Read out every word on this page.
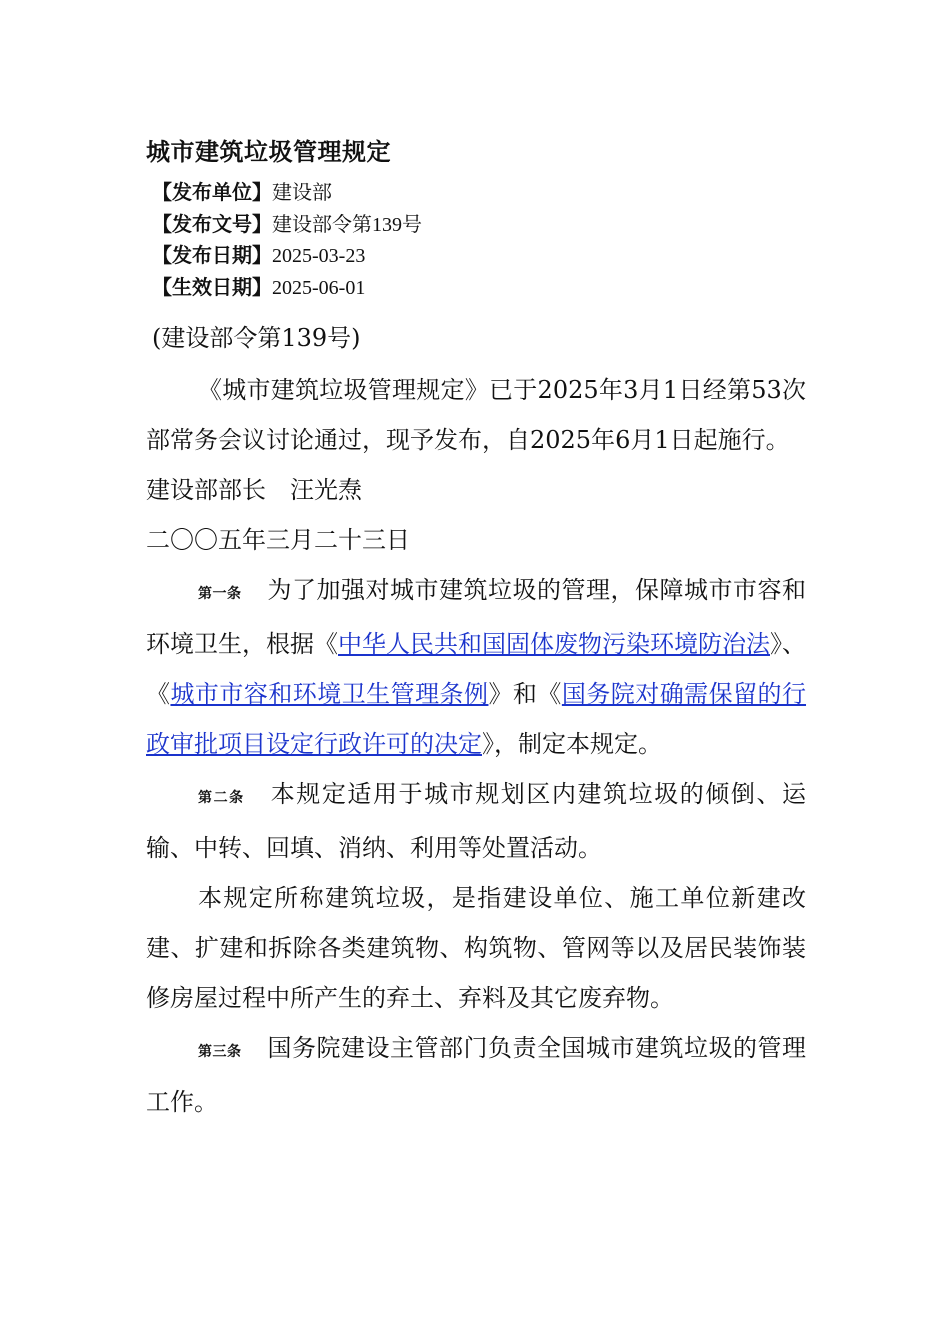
城市建筑垃圾管理规定
【发布单位】建设部
【发布文号】建设部令第139号
【发布日期】2025-03-23
【生效日期】2025-06-01
(建设部令第139号)

《城市建筑垃圾管理规定》已于2025年3月1日经第53次部常务会议讨论通过，现予发布，自2025年6月1日起施行。

建设部部长　汪光焘

二〇〇五年三月二十三日

第一条 为了加强对城市建筑垃圾的管理，保障城市市容和环境卫生，根据《中华人民共和国固体废物污染环境防治法》、《城市市容和环境卫生管理条例》和《国务院对确需保留的行政审批项目设定行政许可的决定》，制定本规定。

第二条 本规定适用于城市规划区内建筑垃圾的倾倒、运输、中转、回填、消纳、利用等处置活动。

本规定所称建筑垃圾，是指建设单位、施工单位新建改建、扩建和拆除各类建筑物、构筑物、管网等以及居民装饰装修房屋过程中所产生的弃土、弃料及其它废弃物。

第三条 国务院建设主管部门负责全国城市建筑垃圾的管理工作。
